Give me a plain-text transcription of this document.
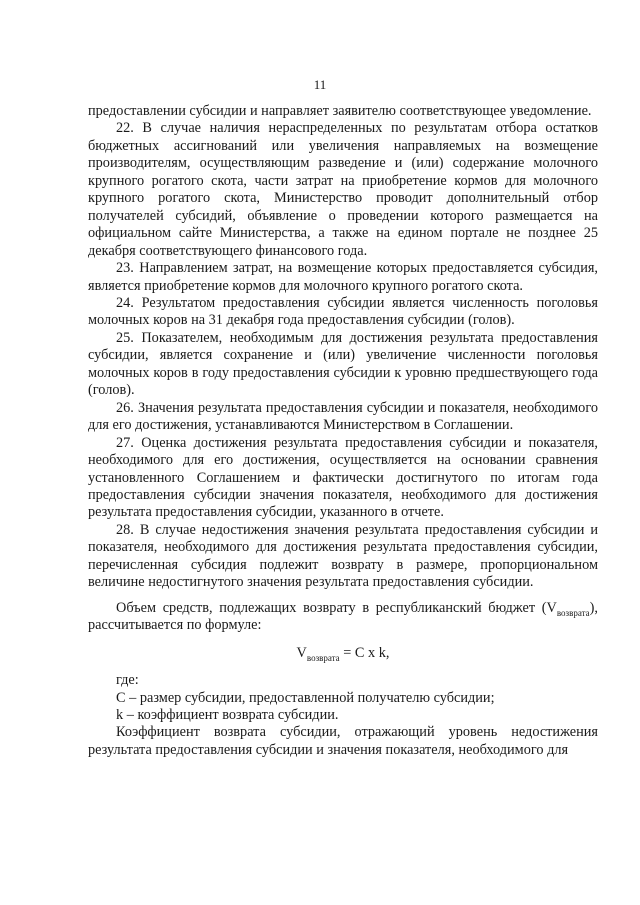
11

предоставлении субсидии и направляет заявителю соответствующее уведомление.

22. В случае наличия нераспределенных по результатам отбора остатков бюджетных ассигнований или увеличения направляемых на возмещение производителям, осуществляющим разведение и (или) содержание молочного крупного рогатого скота, части затрат на приобретение кормов для молочного крупного рогатого скота, Министерство проводит дополнительный отбор получателей субсидий, объявление о проведении которого размещается на официальном сайте Министерства, а также на едином портале не позднее 25 декабря соответствующего финансового года.

23. Направлением затрат, на возмещение которых предоставляется субсидия, является приобретение кормов для молочного крупного рогатого скота.

24. Результатом предоставления субсидии является численность поголовья молочных коров на 31 декабря года предоставления субсидии (голов).

25. Показателем, необходимым для достижения результата предоставления субсидии, является сохранение и (или) увеличение численности поголовья молочных коров в году предоставления субсидии к уровню предшествующего года (голов).

26. Значения результата предоставления субсидии и показателя, необходимого для его достижения, устанавливаются Министерством в Соглашении.

27. Оценка достижения результата предоставления субсидии и показателя, необходимого для его достижения, осуществляется на основании сравнения установленного Соглашением и фактически достигнутого по итогам года предоставления субсидии значения показателя, необходимого для достижения результата предоставления субсидии, указанного в отчете.

28. В случае недостижения значения результата предоставления субсидии и показателя, необходимого для достижения результата предоставления субсидии, перечисленная субсидия подлежит возврату в размере, пропорциональном величине недостигнутого значения результата предоставления субсидии.

Объем средств, подлежащих возврату в республиканский бюджет $(V_{возврата})$, рассчитывается по формуле:

$V_{возврата} = C$ x k,

где:

C – размер субсидии, предоставленной получателю субсидии;

k – коэффициент возврата субсидии.

Коэффициент возврата субсидии, отражающий уровень недостижения результата предоставления субсидии и значения показателя, необходимого для
